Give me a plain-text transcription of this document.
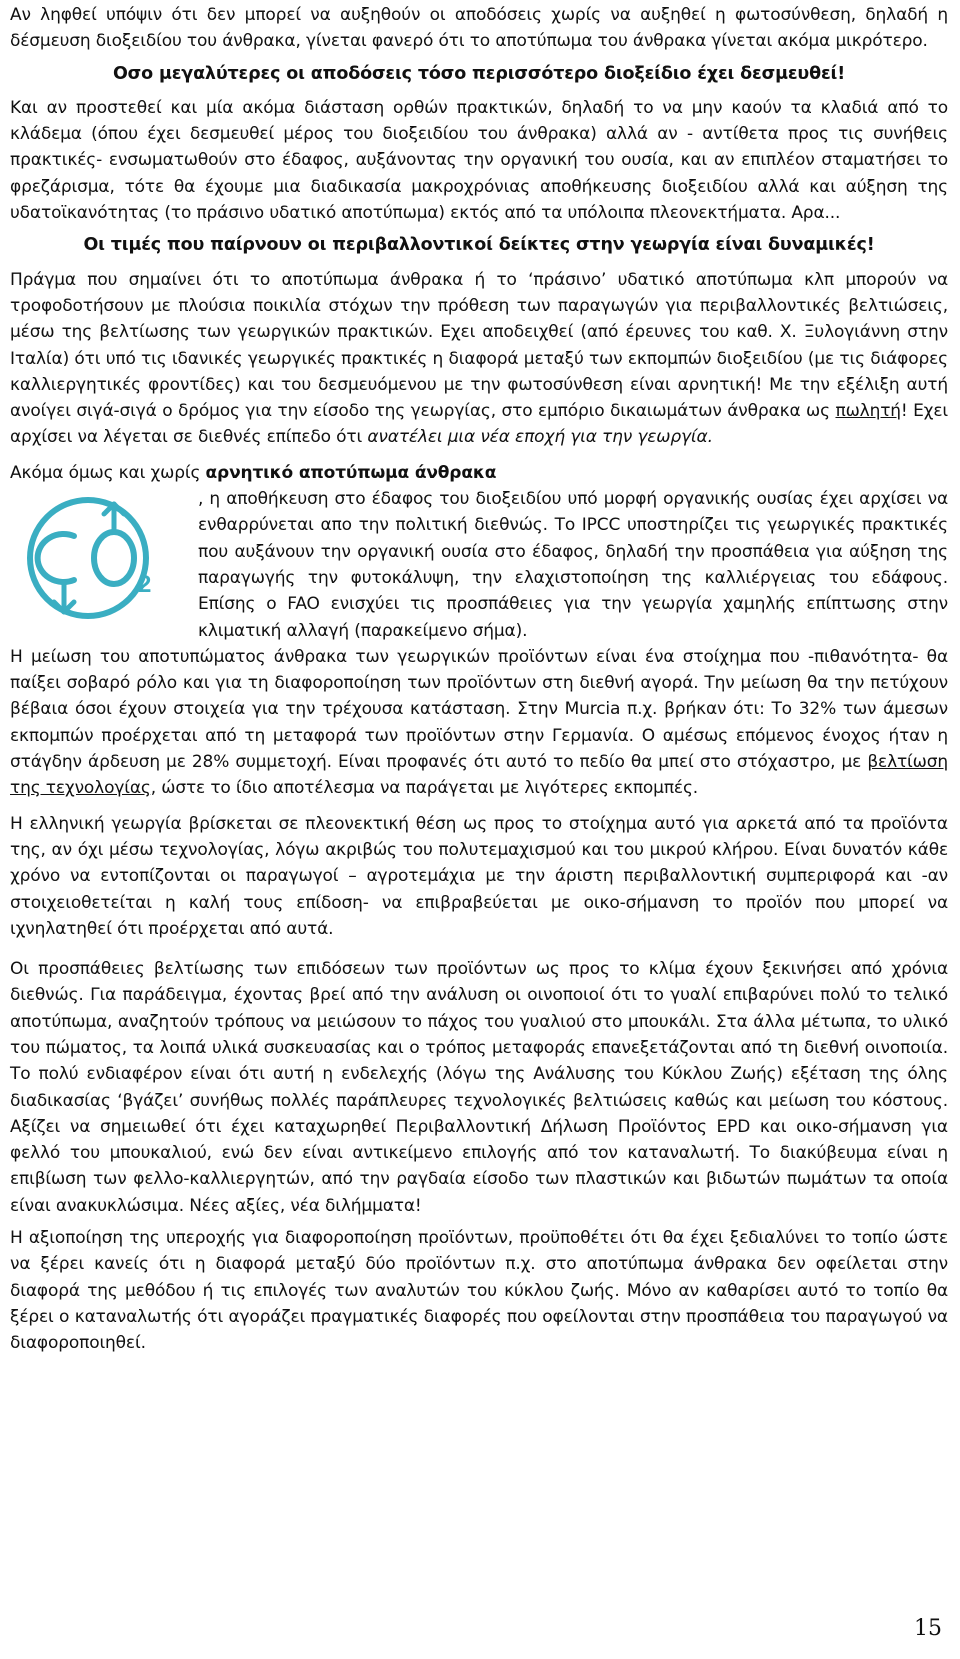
Αν ληφθεί υπόψιν ότι δεν μπορεί να αυξηθούν οι αποδόσεις χωρίς να αυξηθεί η φωτοσύνθεση, δηλαδή η δέσμευση διοξειδίου του άνθρακα, γίνεται φανερό ότι το αποτύπωμα του άνθρακα γίνεται ακόμα μικρότερο.

Οσο μεγαλύτερες οι αποδόσεις τόσο περισσότερο διοξείδιο έχει δεσμευθεί!

Και αν προστεθεί και μία ακόμα διάσταση ορθών πρακτικών, δηλαδή το να μην καούν τα κλαδιά από το κλάδεμα (όπου έχει δεσμευθεί μέρος του διοξειδίου του άνθρακα) αλλά αν - αντίθετα προς τις συνήθεις πρακτικές- ενσωματωθούν στο έδαφος, αυξάνοντας την οργανική του ουσία, και αν επιπλέον σταματήσει το φρεζάρισμα, τότε θα έχουμε μια διαδικασία μακροχρόνιας αποθήκευσης διοξειδίου αλλά και αύξηση της υδατοϊκανότητας (το πράσινο υδατικό αποτύπωμα) εκτός από τα υπόλοιπα πλεονεκτήματα. Αρα...

Οι τιμές που παίρνουν οι περιβαλλοντικοί δείκτες στην γεωργία είναι δυναμικές!

Πράγμα που σημαίνει ότι το αποτύπωμα άνθρακα ή το ‘πράσινο’ υδατικό αποτύπωμα κλπ μπορούν να τροφοδοτήσουν με πλούσια ποικιλία στόχων την πρόθεση των παραγωγών για περιβαλλοντικές βελτιώσεις, μέσω της βελτίωσης των γεωργικών πρακτικών. Εχει αποδειχθεί (από έρευνες του καθ. Χ. Ξυλογιάννη στην Ιταλία) ότι υπό τις ιδανικές γεωργικές πρακτικές η διαφορά μεταξύ των εκπομπών διοξειδίου (με τις διάφορες καλλιεργητικές φροντίδες) και του δεσμευόμενου με την φωτοσύνθεση είναι αρνητική! Με την εξέλιξη αυτή ανοίγει σιγά-σιγά ο δρόμος για την είσοδο της γεωργίας, στο εμπόριο δικαιωμάτων άνθρακα ως πωλητή! Εχει αρχίσει να λέγεται σε διεθνές επίπεδο ότι ανατέλει μια νέα εποχή για την γεωργία.

Ακόμα όμως και χωρίς αρνητικό αποτύπωμα άνθρακα

2

, η αποθήκευση στο έδαφος του διοξειδίου υπό μορφή οργανικής ουσίας έχει αρχίσει να ενθαρρύνεται απο την πολιτική διεθνώς. Το IPCC υποστηρίζει τις γεωργικές πρακτικές που αυξάνουν την οργανική ουσία στο έδαφος, δηλαδή την προσπάθεια για αύξηση της παραγωγής την φυτοκάλυψη, την ελαχιστοποίηση της καλλιέργειας του εδάφους. Επίσης ο FAO ενισχύει τις προσπάθειες για την γεωργία χαμηλής επίπτωσης στην κλιματική αλλαγή (παρακείμενο σήμα).

Η μείωση του αποτυπώματος άνθρακα των γεωργικών προϊόντων είναι ένα στοίχημα που -πιθανότητα- θα παίξει σοβαρό ρόλο και για τη διαφοροποίηση των προϊόντων στη διεθνή αγορά. Την μείωση θα την πετύχουν βέβαια όσοι έχουν στοιχεία για την τρέχουσα κατάσταση. Στην Murcia π.χ. βρήκαν ότι: Το 32% των άμεσων εκπομπών προέρχεται από τη μεταφορά των προϊόντων στην Γερμανία. Ο αμέσως επόμενος ένοχος ήταν η στάγδην άρδευση με 28% συμμετοχή. Είναι προφανές ότι αυτό το πεδίο θα μπεί στο στόχαστρο, με βελτίωση της τεχνολογίας, ώστε το ίδιο αποτέλεσμα να παράγεται με λιγότερες εκπομπές.

Η ελληνική γεωργία βρίσκεται σε πλεονεκτική θέση ως προς το στοίχημα αυτό για αρκετά από τα προϊόντα της, αν όχι μέσω τεχνολογίας, λόγω ακριβώς του πολυτεμαχισμού και του μικρού κλήρου. Είναι δυνατόν κάθε χρόνο να εντοπίζονται οι παραγωγοί – αγροτεμάχια με την άριστη περιβαλλοντική συμπεριφορά και -αν στοιχειοθετείται η καλή τους επίδοση- να επιβραβεύεται με οικο-σήμανση το προϊόν που μπορεί να ιχνηλατηθεί ότι προέρχεται από αυτά.

Οι προσπάθειες βελτίωσης των επιδόσεων των προϊόντων ως προς το κλίμα έχουν ξεκινήσει από χρόνια διεθνώς. Για παράδειγμα, έχοντας βρεί από την ανάλυση οι οινοποιοί ότι το γυαλί επιβαρύνει πολύ το τελικό αποτύπωμα, αναζητούν τρόπους να μειώσουν το πάχος του γυαλιού στο μπουκάλι. Στα άλλα μέτωπα, το υλικό του πώματος, τα λοιπά υλικά συσκευασίας και ο τρόπος μεταφοράς επανεξετάζονται από τη διεθνή οινοποιία. Το πολύ ενδιαφέρον είναι ότι αυτή η ενδελεχής (λόγω της Ανάλυσης του Κύκλου Ζωής) εξέταση της όλης διαδικασίας ‘βγάζει’ συνήθως πολλές παράπλευρες τεχνολογικές βελτιώσεις καθώς και μείωση του κόστους. Αξίζει να σημειωθεί ότι έχει καταχωρηθεί Περιβαλλοντική Δήλωση Προϊόντος EPD και οικο-σήμανση για φελλό του μπουκαλιού, ενώ δεν είναι αντικείμενο επιλογής από τον καταναλωτή. Το διακύβευμα είναι η επιβίωση των φελλο-καλλιεργητών, από την ραγδαία είσοδο των πλαστικών και βιδωτών πωμάτων τα οποία είναι ανακυκλώσιμα. Νέες αξίες, νέα διλήμματα!

Η αξιοποίηση της υπεροχής για διαφοροποίηση προϊόντων, προϋποθέτει ότι θα έχει ξεδιαλύνει το τοπίο ώστε να ξέρει κανείς ότι η διαφορά μεταξύ δύο προϊόντων π.χ. στο αποτύπωμα άνθρακα δεν οφείλεται στην διαφορά της μεθόδου ή τις επιλογές των αναλυτών του κύκλου ζωής. Μόνο αν καθαρίσει αυτό το τοπίο θα ξέρει ο καταναλωτής ότι αγοράζει πραγματικές διαφορές που οφείλονται στην προσπάθεια του παραγωγού να διαφοροποιηθεί.

15
